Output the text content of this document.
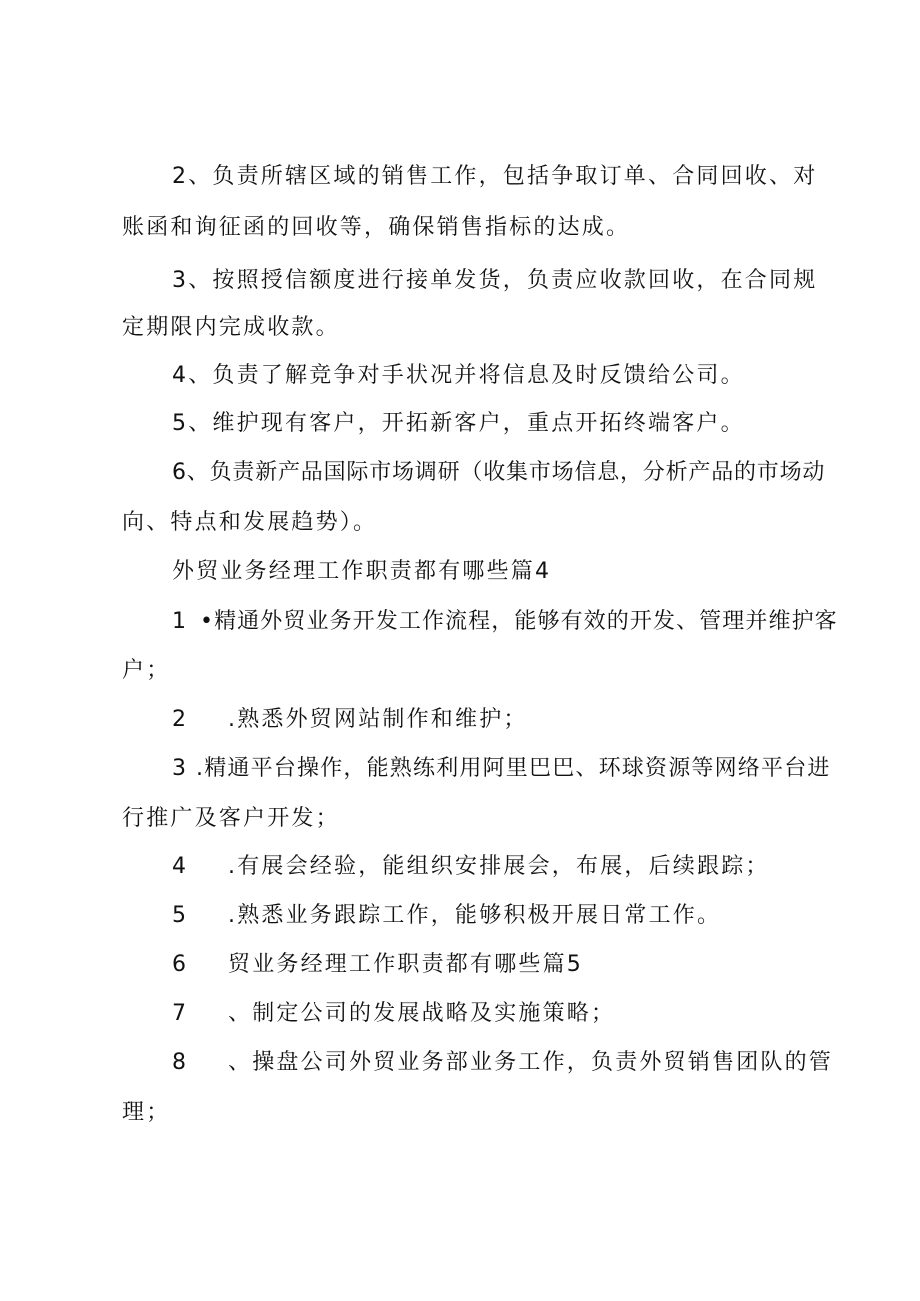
2、负责所辖区域的销售工作，包括争取订单、合同回收、对
账函和询征函的回收等，确保销售指标的达成。
3、按照授信额度进行接单发货，负责应收款回收，在合同规
定期限内完成收款。
4、负责了解竞争对手状况并将信息及时反馈给公司。
5、维护现有客户，开拓新客户，重点开拓终端客户。
6、负责新产品国际市场调研（收集市场信息，分析产品的市场动
向、特点和发展趋势）。
外贸业务经理工作职责都有哪些篇4
1 •精通外贸业务开发工作流程，能够有效的开发、管理并维护客
户；
2 .熟悉外贸网站制作和维护；
3 .精通平台操作，能熟练利用阿里巴巴、环球资源等网络平台进
行推广及客户开发；
4 .有展会经验，能组织安排展会，布展，后续跟踪；
5 .熟悉业务跟踪工作，能够积极开展日常工作。
6 贸业务经理工作职责都有哪些篇5
7 、制定公司的发展战略及实施策略；
8 、操盘公司外贸业务部业务工作，负责外贸销售团队的管
理；
